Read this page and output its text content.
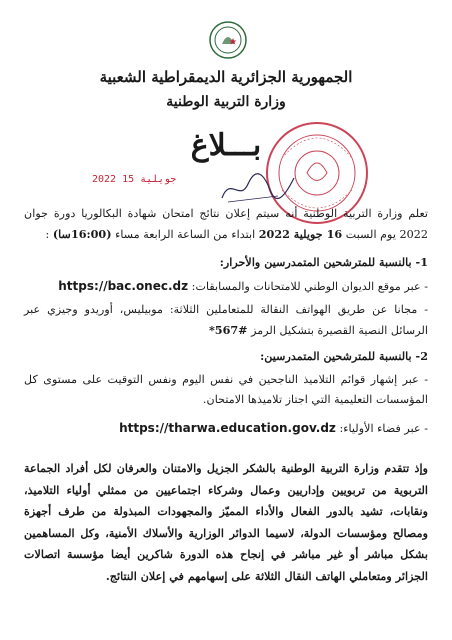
الجمهورية الجزائرية الديمقراطية الشعبية
وزارة التربية الوطنية
بـــلاغ
2022 جويلية 15
تعلم وزارة التربية الوطنية أنه سيتم إعلان نتائج امتحان شهادة البكالوريا دورة جوان 2022 يوم السبت 16 جويلية 2022 ابتداء من الساعة الرابعة مساء (16:00سا) :
1- بالنسبة للمترشحين المتمدرسين والأحرار:
- عبر موقع الديوان الوطني للامتحانات والمسابقات: https://bac.onec.dz
- مجانا عن طريق الهواتف النقالة للمتعاملين الثلاثة: موبيليس، أوريدو وجيزي عبر الرسائل النصية القصيرة بتشكيل الرمز *567#
2- بالنسبة للمترشحين المتمدرسين:
- عبر إشهار قوائم التلاميذ الناجحين في نفس اليوم ونفس التوقيت على مستوى كل المؤسسات التعليمية التي اجتاز تلاميذها الامتحان.
- عبر فضاء الأولياء: https://tharwa.education.gov.dz
وإذ تتقدم وزارة التربية الوطنية بالشكر الجزيل والامتنان والعرفان لكل أفراد الجماعة التربوية من تربويين وإداريين وعمال وشركاء اجتماعيين من ممثلي أولياء التلاميذ، ونقابات، تشيد بالدور الفعال والأداء المميّز والمجهودات المبذولة من طرف أجهزة ومصالح ومؤسسات الدولة، لاسيما الدوائر الوزارية والأسلاك الأمنية، وكل المساهمين بشكل مباشر أو غير مباشر في إنجاح هذه الدورة شاكرين أيضا مؤسسة اتصالات الجزائر ومتعاملي الهاتف النقال الثلاثة على إسهامهم في إعلان النتائج.
